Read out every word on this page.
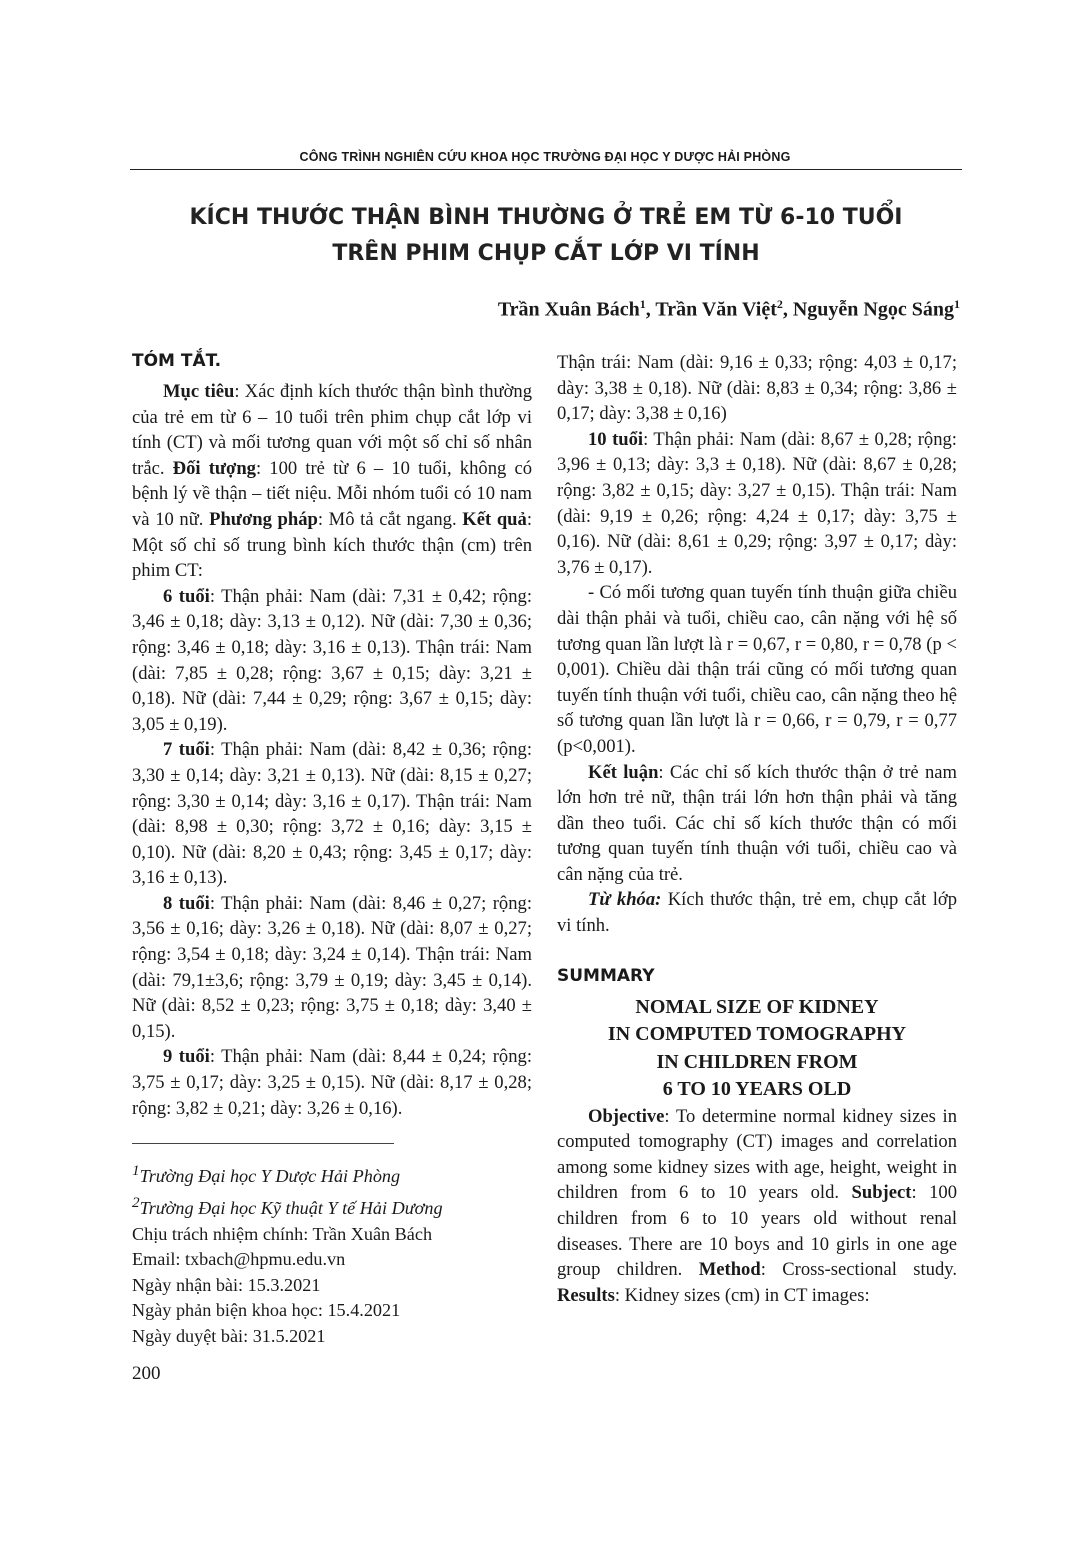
CÔNG TRÌNH NGHIÊN CỨU KHOA HỌC TRƯỜNG ĐẠI HỌC Y DƯỢC HẢI PHÒNG
KÍCH THƯỚC THẬN BÌNH THƯỜNG Ở TRẺ EM TỪ 6-10 TUỔI
TRÊN PHIM CHỤP CẮT LỚP VI TÍNH
Trần Xuân Bách$^1$, Trần Văn Việt$^2$, Nguyễn Ngọc Sáng$^1$

TÓM TẮT.

Mục tiêu: Xác định kích thước thận bình thường của trẻ em từ 6 – 10 tuổi trên phim chụp cắt lớp vi tính (CT) và mối tương quan với một số chỉ số nhân trắc. Đối tượng: 100 trẻ từ 6 – 10 tuổi, không có bệnh lý về thận – tiết niệu. Mỗi nhóm tuổi có 10 nam và 10 nữ. Phương pháp: Mô tả cắt ngang. Kết quả: Một số chỉ số trung bình kích thước thận (cm) trên phim CT:

6 tuổi: Thận phải: Nam (dài: 7,31 ± 0,42; rộng: 3,46 ± 0,18; dày: 3,13 ± 0,12). Nữ (dài: 7,30 ± 0,36; rộng: 3,46 ± 0,18; dày: 3,16 ± 0,13). Thận trái: Nam (dài: 7,85 ± 0,28; rộng: 3,67 ± 0,15; dày: 3,21 ± 0,18). Nữ (dài: 7,44 ± 0,29; rộng: 3,67 ± 0,15; dày: 3,05 ± 0,19).

7 tuổi: Thận phải: Nam (dài: 8,42 ± 0,36; rộng: 3,30 ± 0,14; dày: 3,21 ± 0,13). Nữ (dài: 8,15 ± 0,27; rộng: 3,30 ± 0,14; dày: 3,16 ± 0,17). Thận trái: Nam (dài: 8,98 ± 0,30; rộng: 3,72 ± 0,16; dày: 3,15 ± 0,10). Nữ (dài: 8,20 ± 0,43; rộng: 3,45 ± 0,17; dày: 3,16 ± 0,13).

8 tuổi: Thận phải: Nam (dài: 8,46 ± 0,27; rộng: 3,56 ± 0,16; dày: 3,26 ± 0,18). Nữ (dài: 8,07 ± 0,27; rộng: 3,54 ± 0,18; dày: 3,24 ± 0,14). Thận trái: Nam (dài: 79,1±3,6; rộng: 3,79 ± 0,19; dày: 3,45 ± 0,14). Nữ (dài: 8,52 ± 0,23; rộng: 3,75 ± 0,18; dày: 3,40 ± 0,15).

9 tuổi: Thận phải: Nam (dài: 8,44 ± 0,24; rộng: 3,75 ± 0,17; dày: 3,25 ± 0,15). Nữ (dài: 8,17 ± 0,28; rộng: 3,82 ± 0,21; dày: 3,26 ± 0,16).

$^1$Trường Đại học Y Dược Hải Phòng

$^2$Trường Đại học Kỹ thuật Y tế Hải Dương

Chịu trách nhiệm chính: Trần Xuân Bách

Email: txbach@hpmu.edu.vn

Ngày nhận bài: 15.3.2021

Ngày phản biện khoa học: 15.4.2021

Ngày duyệt bài: 31.5.2021

Thận trái: Nam (dài: 9,16 ± 0,33; rộng: 4,03 ± 0,17; dày: 3,38 ± 0,18). Nữ (dài: 8,83 ± 0,34; rộng: 3,86 ± 0,17; dày: 3,38 ± 0,16)

10 tuổi: Thận phải: Nam (dài: 8,67 ± 0,28; rộng: 3,96 ± 0,13; dày: 3,3 ± 0,18). Nữ (dài: 8,67 ± 0,28; rộng: 3,82 ± 0,15; dày: 3,27 ± 0,15). Thận trái: Nam (dài: 9,19 ± 0,26; rộng: 4,24 ± 0,17; dày: 3,75 ± 0,16). Nữ (dài: 8,61 ± 0,29; rộng: 3,97 ± 0,17; dày: 3,76 ± 0,17).

- Có mối tương quan tuyến tính thuận giữa chiều dài thận phải và tuổi, chiều cao, cân nặng với hệ số tương quan lần lượt là r = 0,67, r = 0,80, r = 0,78 (p < 0,001). Chiều dài thận trái cũng có mối tương quan tuyến tính thuận với tuổi, chiều cao, cân nặng theo hệ số tương quan lần lượt là r = 0,66, r = 0,79, r = 0,77 (p<0,001).

Kết luận: Các chỉ số kích thước thận ở trẻ nam lớn hơn trẻ nữ, thận trái lớn hơn thận phải và tăng dần theo tuổi. Các chỉ số kích thước thận có mối tương quan tuyến tính thuận với tuổi, chiều cao và cân nặng của trẻ.

Từ khóa: Kích thước thận, trẻ em, chụp cắt lớp vi tính.

SUMMARY

NOMAL SIZE OF KIDNEY
IN COMPUTED TOMOGRAPHY
IN CHILDREN FROM
6 TO 10 YEARS OLD

Objective: To determine normal kidney sizes in computed tomography (CT) images and correlation among some kidney sizes with age, height, weight in children from 6 to 10 years old. Subject: 100 children from 6 to 10 years old without renal diseases. There are 10 boys and 10 girls in one age group children. Method: Cross-sectional study. Results: Kidney sizes (cm) in CT images:

200
